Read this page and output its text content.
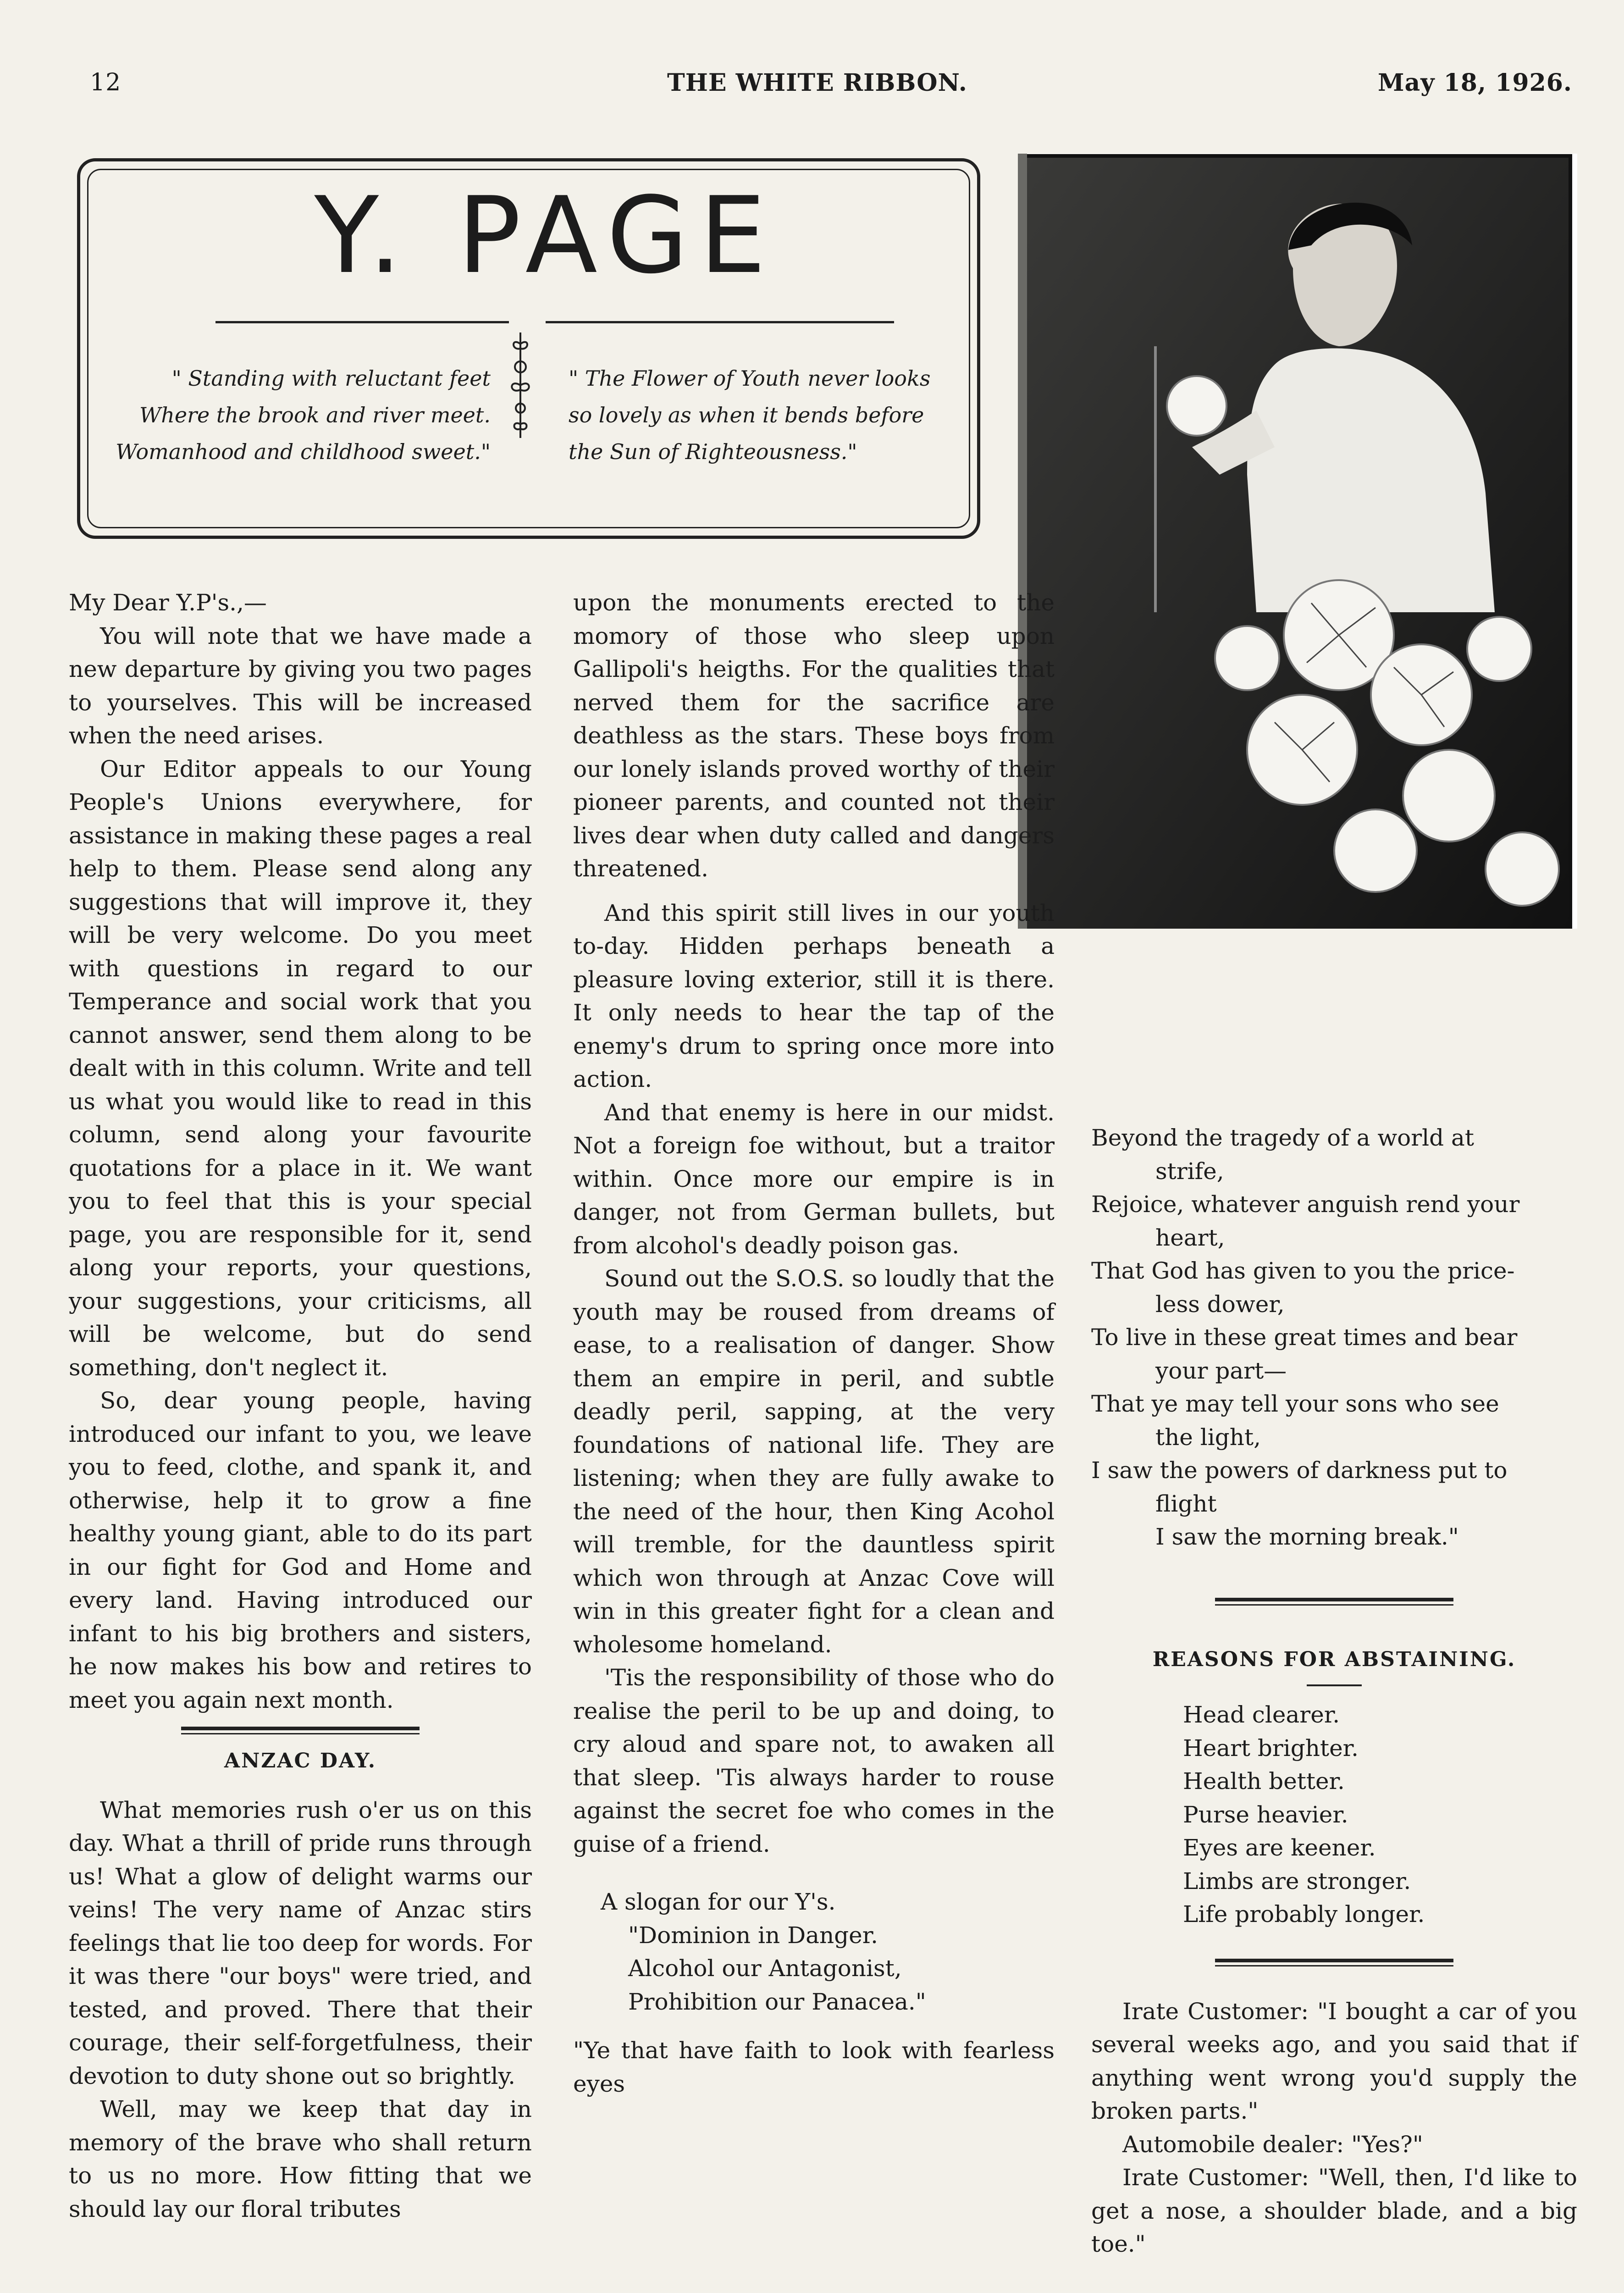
12	THE WHITE RIBBON.	May 18, 1926.
Y. PAGE
" Standing with reluctant feet
Where the brook and river meet.
Womanhood and childhood sweet."
" The Flower of Youth never looks
so lovely as when it bends before
the Sun of Righteousness."

My Dear Y.P's.,—

You will note that we have made a new departure by giving you two pages to yourselves. This will be increased when the need arises.

Our Editor appeals to our Young People's Unions everywhere, for assistance in making these pages a real help to them. Please send along any suggestions that will improve it, they will be very welcome. Do you meet with questions in regard to our Temperance and social work that you cannot answer, send them along to be dealt with in this column. Write and tell us what you would like to read in this column, send along your favourite quotations for a place in it. We want you to feel that this is your special page, you are responsible for it, send along your reports, your questions, your suggestions, your criticisms, all will be welcome, but do send something, don't neglect it.

So, dear young people, having introduced our infant to you, we leave you to feed, clothe, and spank it, and otherwise, help it to grow a fine healthy young giant, able to do its part in our fight for God and Home and every land. Having introduced our infant to his big brothers and sisters, he now makes his bow and retires to meet you again next month.

ANZAC DAY.

What memories rush o'er us on this day. What a thrill of pride runs through us! What a glow of delight warms our veins! The very name of Anzac stirs feelings that lie too deep for words. For it was there "our boys" were tried, and tested, and proved. There that their courage, their self-forgetfulness, their devotion to duty shone out so brightly.

Well, may we keep that day in memory of the brave who shall return to us no more. How fitting that we should lay our floral tributes

upon the monuments erected to the momory of those who sleep upon Gallipoli's heigths. For the qualities that nerved them for the sacrifice are deathless as the stars. These boys from our lonely islands proved worthy of their pioneer parents, and counted not their lives dear when duty called and dangers threatened.

And this spirit still lives in our youth to-day. Hidden perhaps beneath a pleasure loving exterior, still it is there. It only needs to hear the tap of the enemy's drum to spring once more into action.

And that enemy is here in our midst. Not a foreign foe without, but a traitor within. Once more our empire is in danger, not from German bullets, but from alcohol's deadly poison gas.

Sound out the S.O.S. so loudly that the youth may be roused from dreams of ease, to a realisation of danger. Show them an empire in peril, and subtle deadly peril, sapping, at the very foundations of national life. They are listening; when they are fully awake to the need of the hour, then King Acohol will tremble, for the dauntless spirit which won through at Anzac Cove will win in this greater fight for a clean and wholesome homeland.

'Tis the responsibility of those who do realise the peril to be up and doing, to cry aloud and spare not, to awaken all that sleep. 'Tis always harder to rouse against the secret foe who comes in the guise of a friend.

A slogan for our Y's.
"Dominion in Danger.
Alcohol our Antagonist,
Prohibition our Panacea."

"Ye that have faith to look with fearless eyes

Beyond the tragedy of a world at
strife,
Rejoice, whatever anguish rend your
heart,
That God has given to you the price-
less dower,
To live in these great times and bear
your part—
That ye may tell your sons who see
the light,
I saw the powers of darkness put to
flight
I saw the morning break."
REASONS FOR ABSTAINING.
Head clearer.
Heart brighter.
Health better.
Purse heavier.
Eyes are keener.
Limbs are stronger.
Life probably longer.

Irate Customer: "I bought a car of you several weeks ago, and you said that if anything went wrong you'd supply the broken parts."

Automobile dealer: "Yes?"

Irate Customer: "Well, then, I'd like to get a nose, a shoulder blade, and a big toe."
